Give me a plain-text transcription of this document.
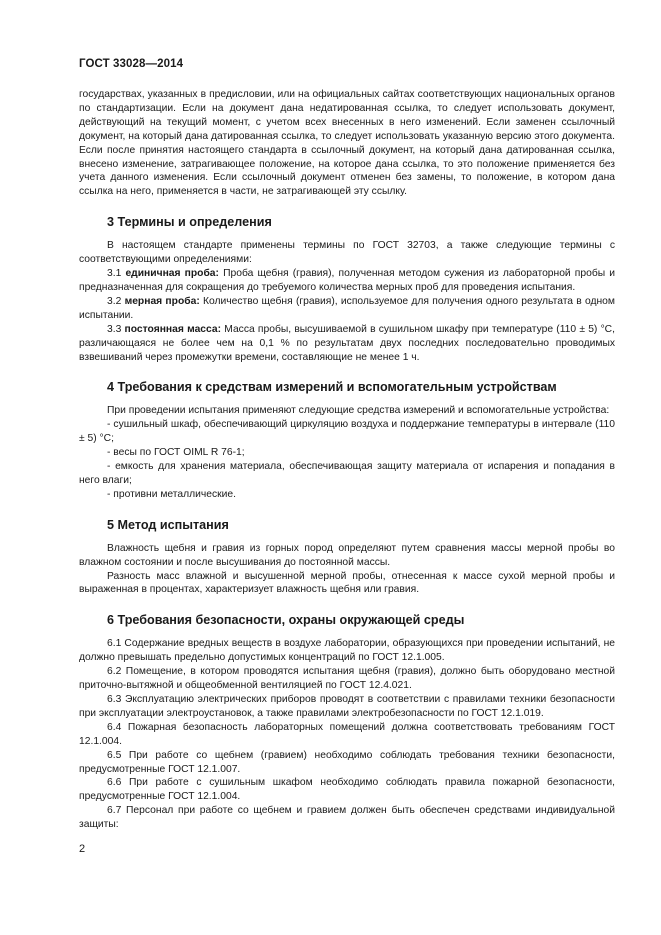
ГОСТ 33028—2014

государствах, указанных в предисловии, или на официальных сайтах соответствующих национальных органов по стандартизации. Если на документ дана недатированная ссылка, то следует использовать документ, действующий на текущий момент, с учетом всех внесенных в него изменений. Если заменен ссылочный документ, на который дана датированная ссылка, то следует использовать указанную версию этого документа. Если после принятия настоящего стандарта в ссылочный документ, на который дана датированная ссылка, внесено изменение, затрагивающее положение, на которое дана ссылка, то это положение применяется без учета данного изменения. Если ссылочный документ отменен без замены, то положение, в котором дана ссылка на него, применяется в части, не затрагивающей эту ссылку.

3 Термины и определения

В настоящем стандарте применены термины по ГОСТ 32703, а также следующие термины с соответствующими определениями:

3.1 единичная проба: Проба щебня (гравия), полученная методом сужения из лабораторной пробы и предназначенная для сокращения до требуемого количества мерных проб для проведения испытания.

3.2 мерная проба: Количество щебня (гравия), используемое для получения одного результата в одном испытании.

3.3 постоянная масса: Масса пробы, высушиваемой в сушильном шкафу при температуре (110 ± 5) °С, различающаяся не более чем на 0,1 % по результатам двух последних последовательно проводимых взвешиваний через промежутки времени, составляющие не менее 1 ч.

4 Требования к средствам измерений и вспомогательным устройствам

При проведении испытания применяют следующие средства измерений и вспомогательные устройства:

- сушильный шкаф, обеспечивающий циркуляцию воздуха и поддержание температуры в интервале (110 ± 5) °С;

- весы по ГОСТ OIML R 76-1;

- емкость для хранения материала, обеспечивающая защиту материала от испарения и попадания в него влаги;

- противни металлические.

5 Метод испытания

Влажность щебня и гравия из горных пород определяют путем сравнения массы мерной пробы во влажном состоянии и после высушивания до постоянной массы.

Разность масс влажной и высушенной мерной пробы, отнесенная к массе сухой мерной пробы и выраженная в процентах, характеризует влажность щебня или гравия.

6 Требования безопасности, охраны окружающей среды

6.1 Содержание вредных веществ в воздухе лаборатории, образующихся при проведении испытаний, не должно превышать предельно допустимых концентраций по ГОСТ 12.1.005.

6.2 Помещение, в котором проводятся испытания щебня (гравия), должно быть оборудовано местной приточно-вытяжной и общеобменной вентиляцией по ГОСТ 12.4.021.

6.3 Эксплуатацию электрических приборов проводят в соответствии с правилами техники безопасности при эксплуатации электроустановок, а также правилами электробезопасности по ГОСТ 12.1.019.

6.4 Пожарная безопасность лабораторных помещений должна соответствовать требованиям ГОСТ 12.1.004.

6.5 При работе со щебнем (гравием) необходимо соблюдать требования техники безопасности, предусмотренные ГОСТ 12.1.007.

6.6 При работе с сушильным шкафом необходимо соблюдать правила пожарной безопасности, предусмотренные ГОСТ 12.1.004.

6.7 Персонал при работе со щебнем и гравием должен быть обеспечен средствами индивидуальной защиты:

2
